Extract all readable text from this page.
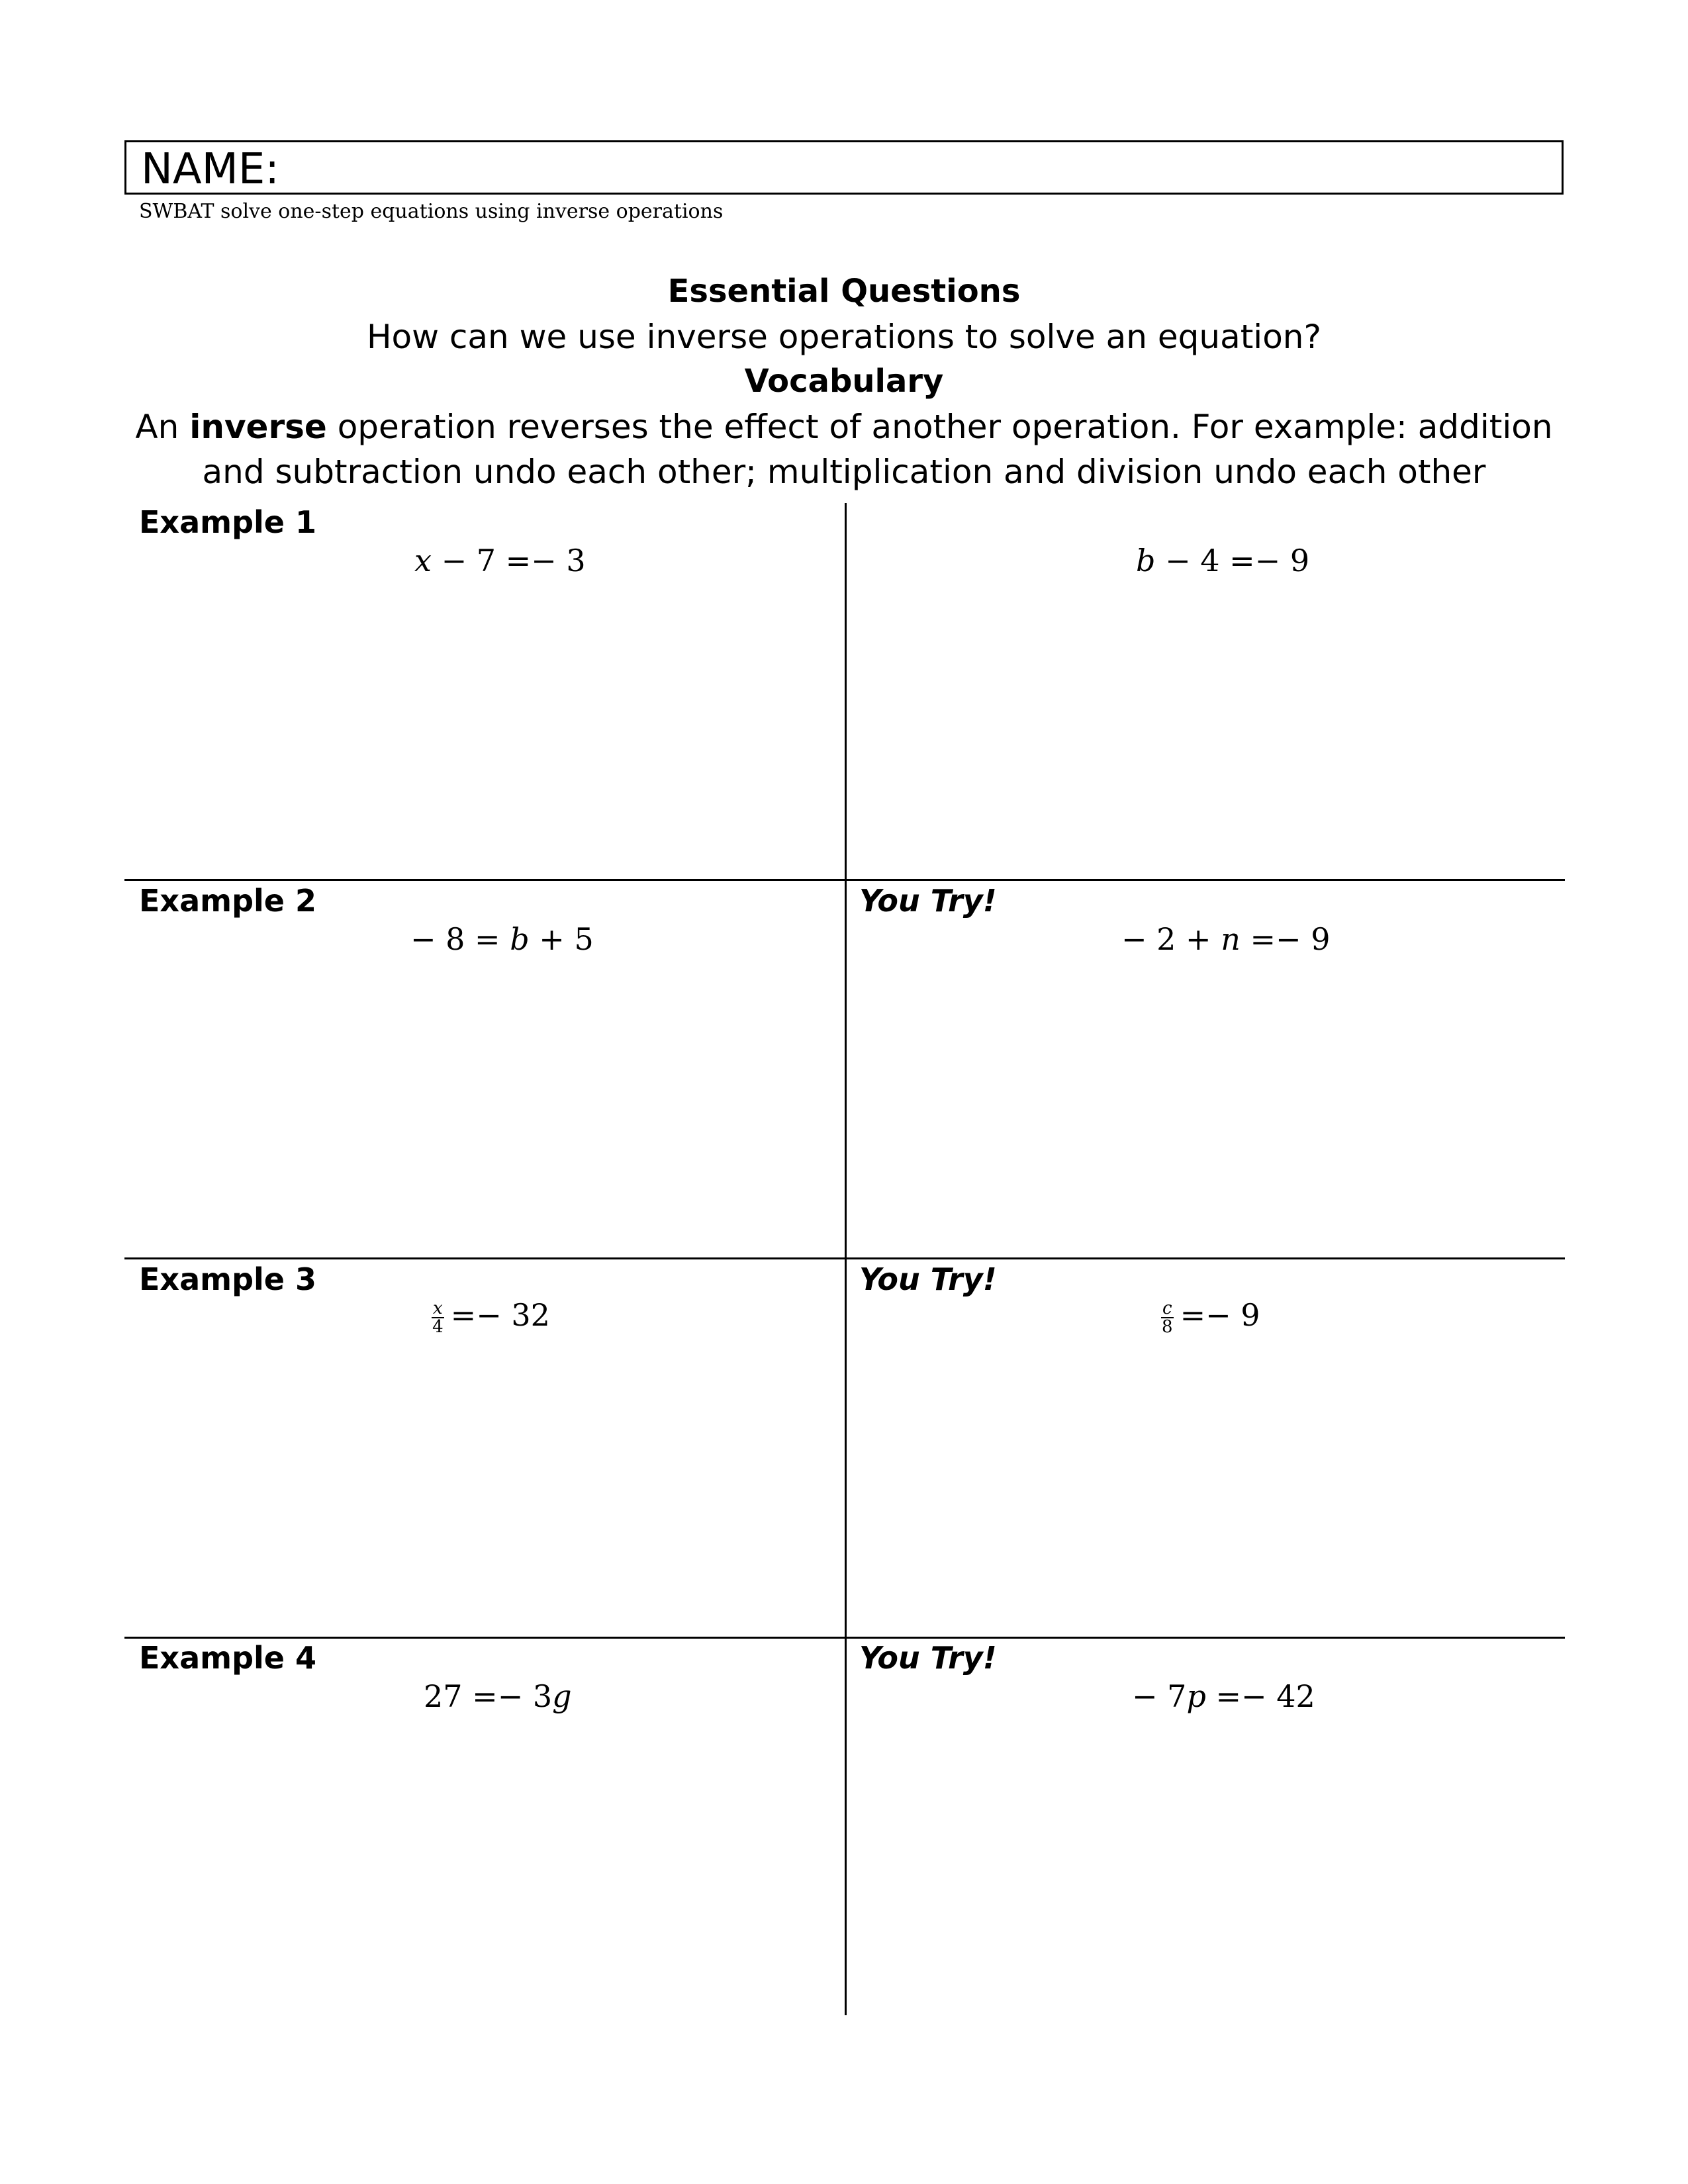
NAME:
SWBAT solve one-step equations using inverse operations
Essential Questions
How can we use inverse operations to solve an equation?
Vocabulary
An inverse operation reverses the effect of another operation. For example: addition
and subtraction undo each other; multiplication and division undo each other
Example 1
x − 7 =− 3	b − 4 =− 9
Example 2
− 8 = b + 5
You Try!
− 2 + n =− 9
Example 3
$\frac{x}{4} =- 32$
You Try!
$\frac{c}{8} =- 9$
Example 4
27 =− 3g
You Try!
− 7p =− 42
